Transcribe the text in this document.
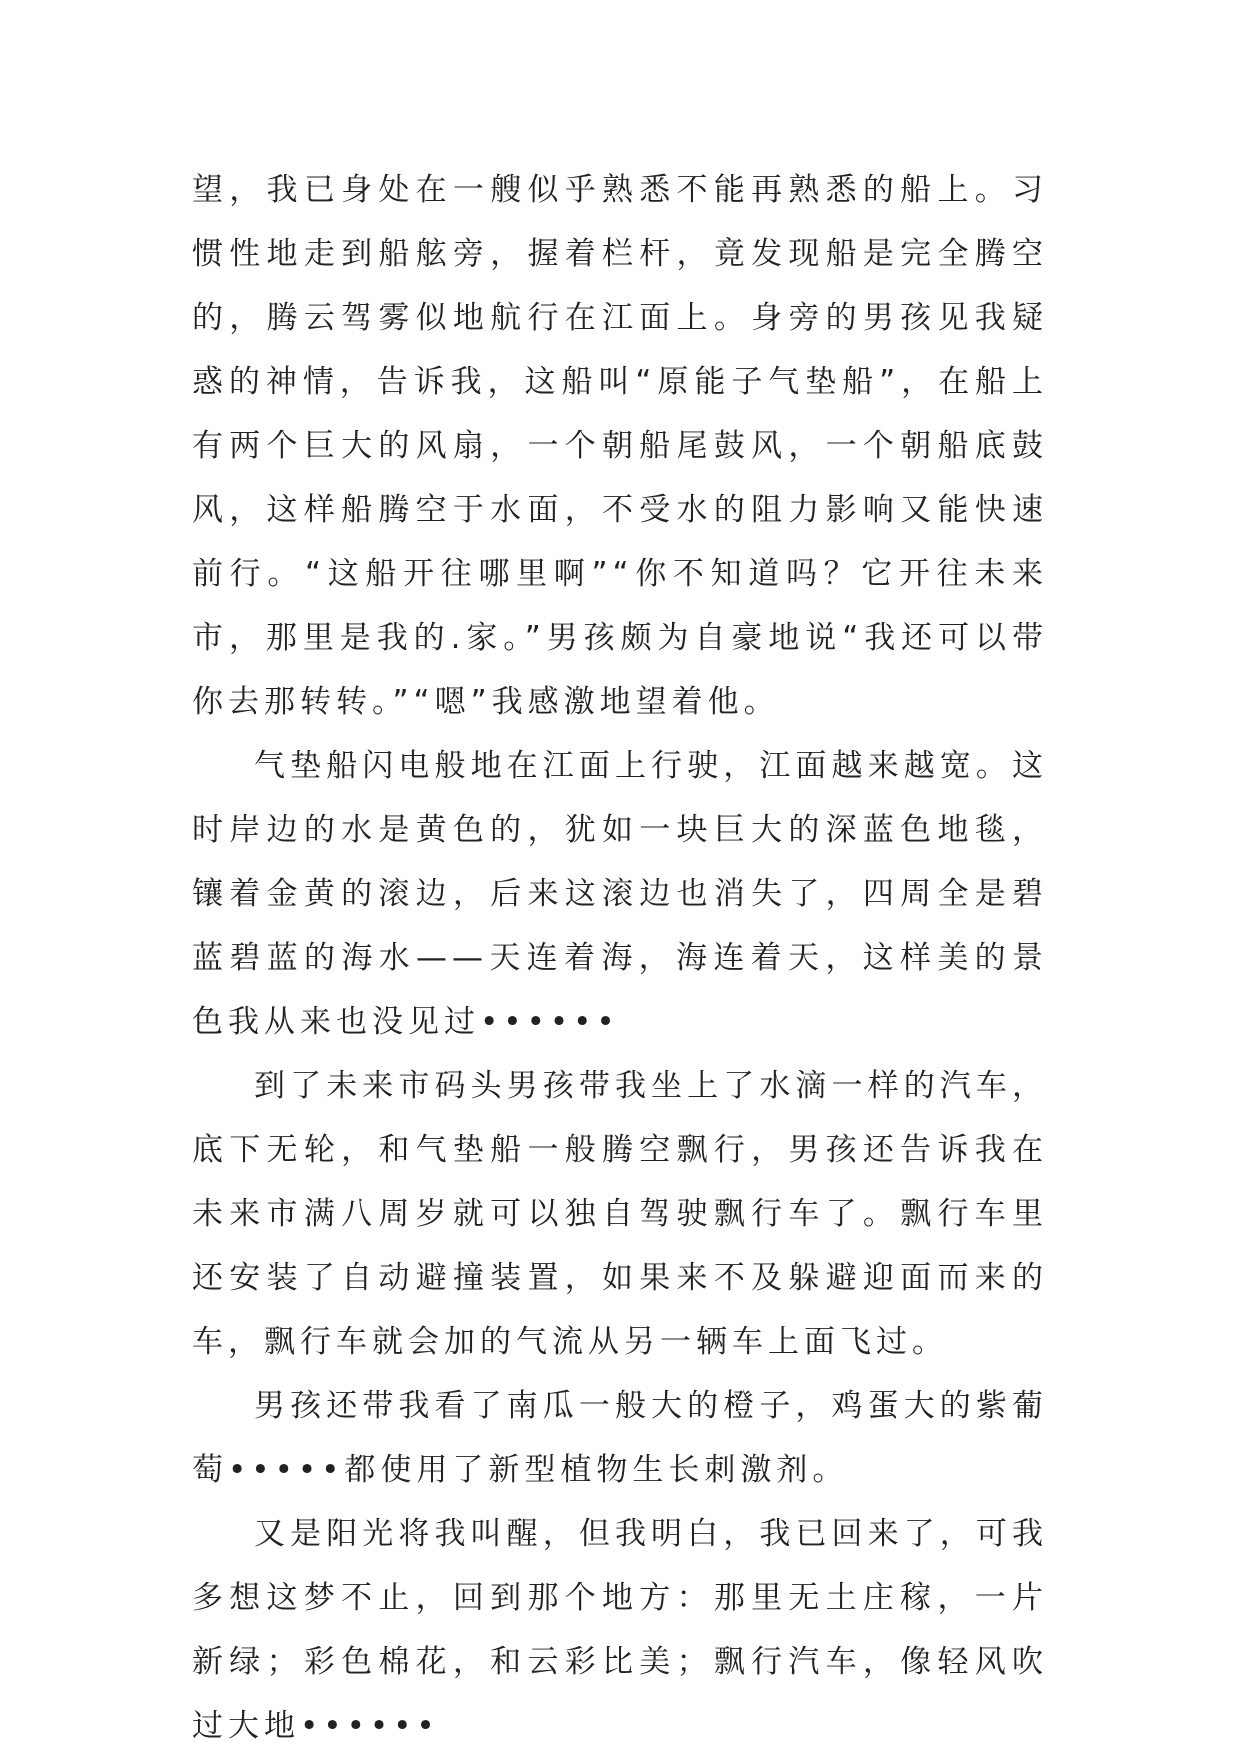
望，我已身处在一艘似乎熟悉不能再熟悉的船上。习惯性地走到船舷旁，握着栏杆，竟发现船是完全腾空的，腾云驾雾似地航行在江面上。身旁的男孩见我疑惑的神情，告诉我，这船叫“原能子气垫船”，在船上有两个巨大的风扇，一个朝船尾鼓风，一个朝船底鼓风，这样船腾空于水面，不受水的阻力影响又能快速前行。“这船开往哪里啊”“你不知道吗？它开往未来市，那里是我的.家。”男孩颇为自豪地说“我还可以带你去那转转。”“嗯”我感激地望着他。

气垫船闪电般地在江面上行驶，江面越来越宽。这时岸边的水是黄色的，犹如一块巨大的深蓝色地毯，镶着金黄的滚边，后来这滚边也消失了，四周全是碧蓝碧蓝的海水——天连着海，海连着天，这样美的景色我从来也没见过••••••

到了未来市码头男孩带我坐上了水滴一样的汽车，底下无轮，和气垫船一般腾空飘行，男孩还告诉我在未来市满八周岁就可以独自驾驶飘行车了。飘行车里还安装了自动避撞装置，如果来不及躲避迎面而来的车，飘行车就会加的气流从另一辆车上面飞过。

男孩还带我看了南瓜一般大的橙子，鸡蛋大的紫葡萄•••••都使用了新型植物生长刺激剂。

又是阳光将我叫醒，但我明白，我已回来了，可我多想这梦不止，回到那个地方：那里无土庄稼，一片新绿；彩色棉花，和云彩比美；飘行汽车，像轻风吹过大地••••••
